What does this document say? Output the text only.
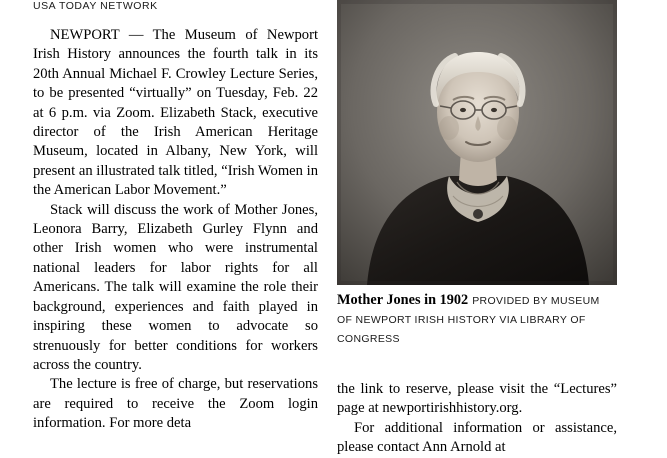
USA TODAY NETWORK

NEWPORT — The Museum of Newport Irish History announces the fourth talk in its 20th Annual Michael F. Crowley Lecture Series, to be presented “virtually” on Tuesday, Feb. 22 at 6 p.m. via Zoom. Elizabeth Stack, executive director of the Irish American Heritage Museum, located in Albany, New York, will present an illustrated talk titled, “Irish Women in the American Labor Movement.”

Stack will discuss the work of Mother Jones, Leonora Barry, Elizabeth Gurley Flynn and other Irish women who were instrumental national leaders for labor rights for all Americans. The talk will examine the role their background, experiences and faith played in inspiring these women to advocate so strenuously for better conditions for workers across the country.

The lecture is free of charge, but reservations are required to receive the Zoom login information. For more deta

Mother Jones in 1902 PROVIDED BY MUSEUM OF NEWPORT IRISH HISTORY VIA LIBRARY OF CONGRESS

the link to reserve, please visit the “Lectures” page at newportirishhistory.org.

For additional information or assistance, please contact Ann Arnold at
